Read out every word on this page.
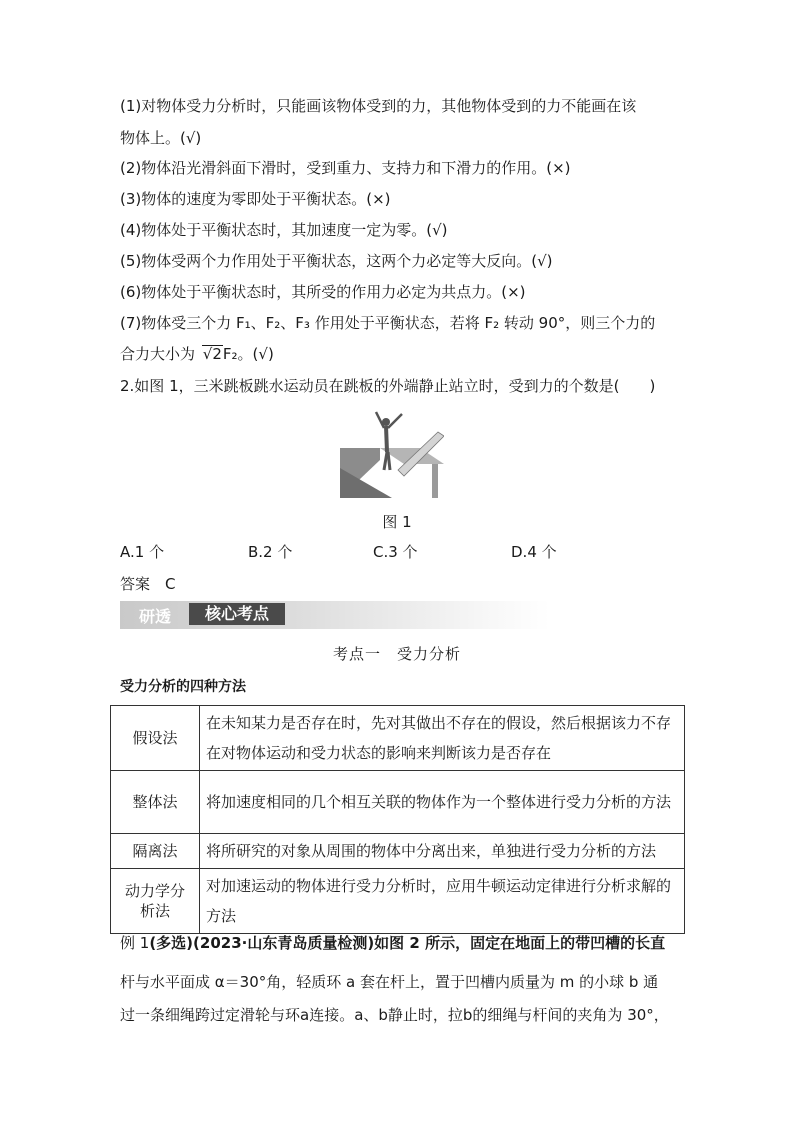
(1)对物体受力分析时，只能画该物体受到的力，其他物体受到的力不能画在该
物体上。(√)
(2)物体沿光滑斜面下滑时，受到重力、支持力和下滑力的作用。(×)
(3)物体的速度为零即处于平衡状态。(×)
(4)物体处于平衡状态时，其加速度一定为零。(√)
(5)物体受两个力作用处于平衡状态，这两个力必定等大反向。(√)
(6)物体处于平衡状态时，其所受的作用力必定为共点力。(×)
(7)物体受三个力 F₁、F₂、F₃ 作用处于平衡状态，若将 F₂ 转动 90°，则三个力的
合力大小为 √2F₂。(√)
2.如图 1，三米跳板跳水运动员在跳板的外端静止站立时，受到力的个数是(　　)
图 1
A.1 个	B.2 个	C.3 个	D.4 个
答案　C
研透	核心考点
考点一　受力分析
受力分析的四种方法
假设法	在未知某力是否存在时，先对其做出不存在的假设，然后根据该力不存在对物体运动和受力状态的影响来判断该力是否存在
整体法	将加速度相同的几个相互关联的物体作为一个整体进行受力分析的方法
隔离法	将所研究的对象从周围的物体中分离出来，单独进行受力分析的方法
动力学分析法	对加速运动的物体进行受力分析时，应用牛顿运动定律进行分析求解的方法
例 1(多选)(2023·山东青岛质量检测)如图 2 所示，固定在地面上的带凹槽的长直
杆与水平面成 α＝30°角，轻质环 a 套在杆上，置于凹槽内质量为 m 的小球 b 通
过一条细绳跨过定滑轮与环a连接。a、b静止时，拉b的细绳与杆间的夹角为 30°，
